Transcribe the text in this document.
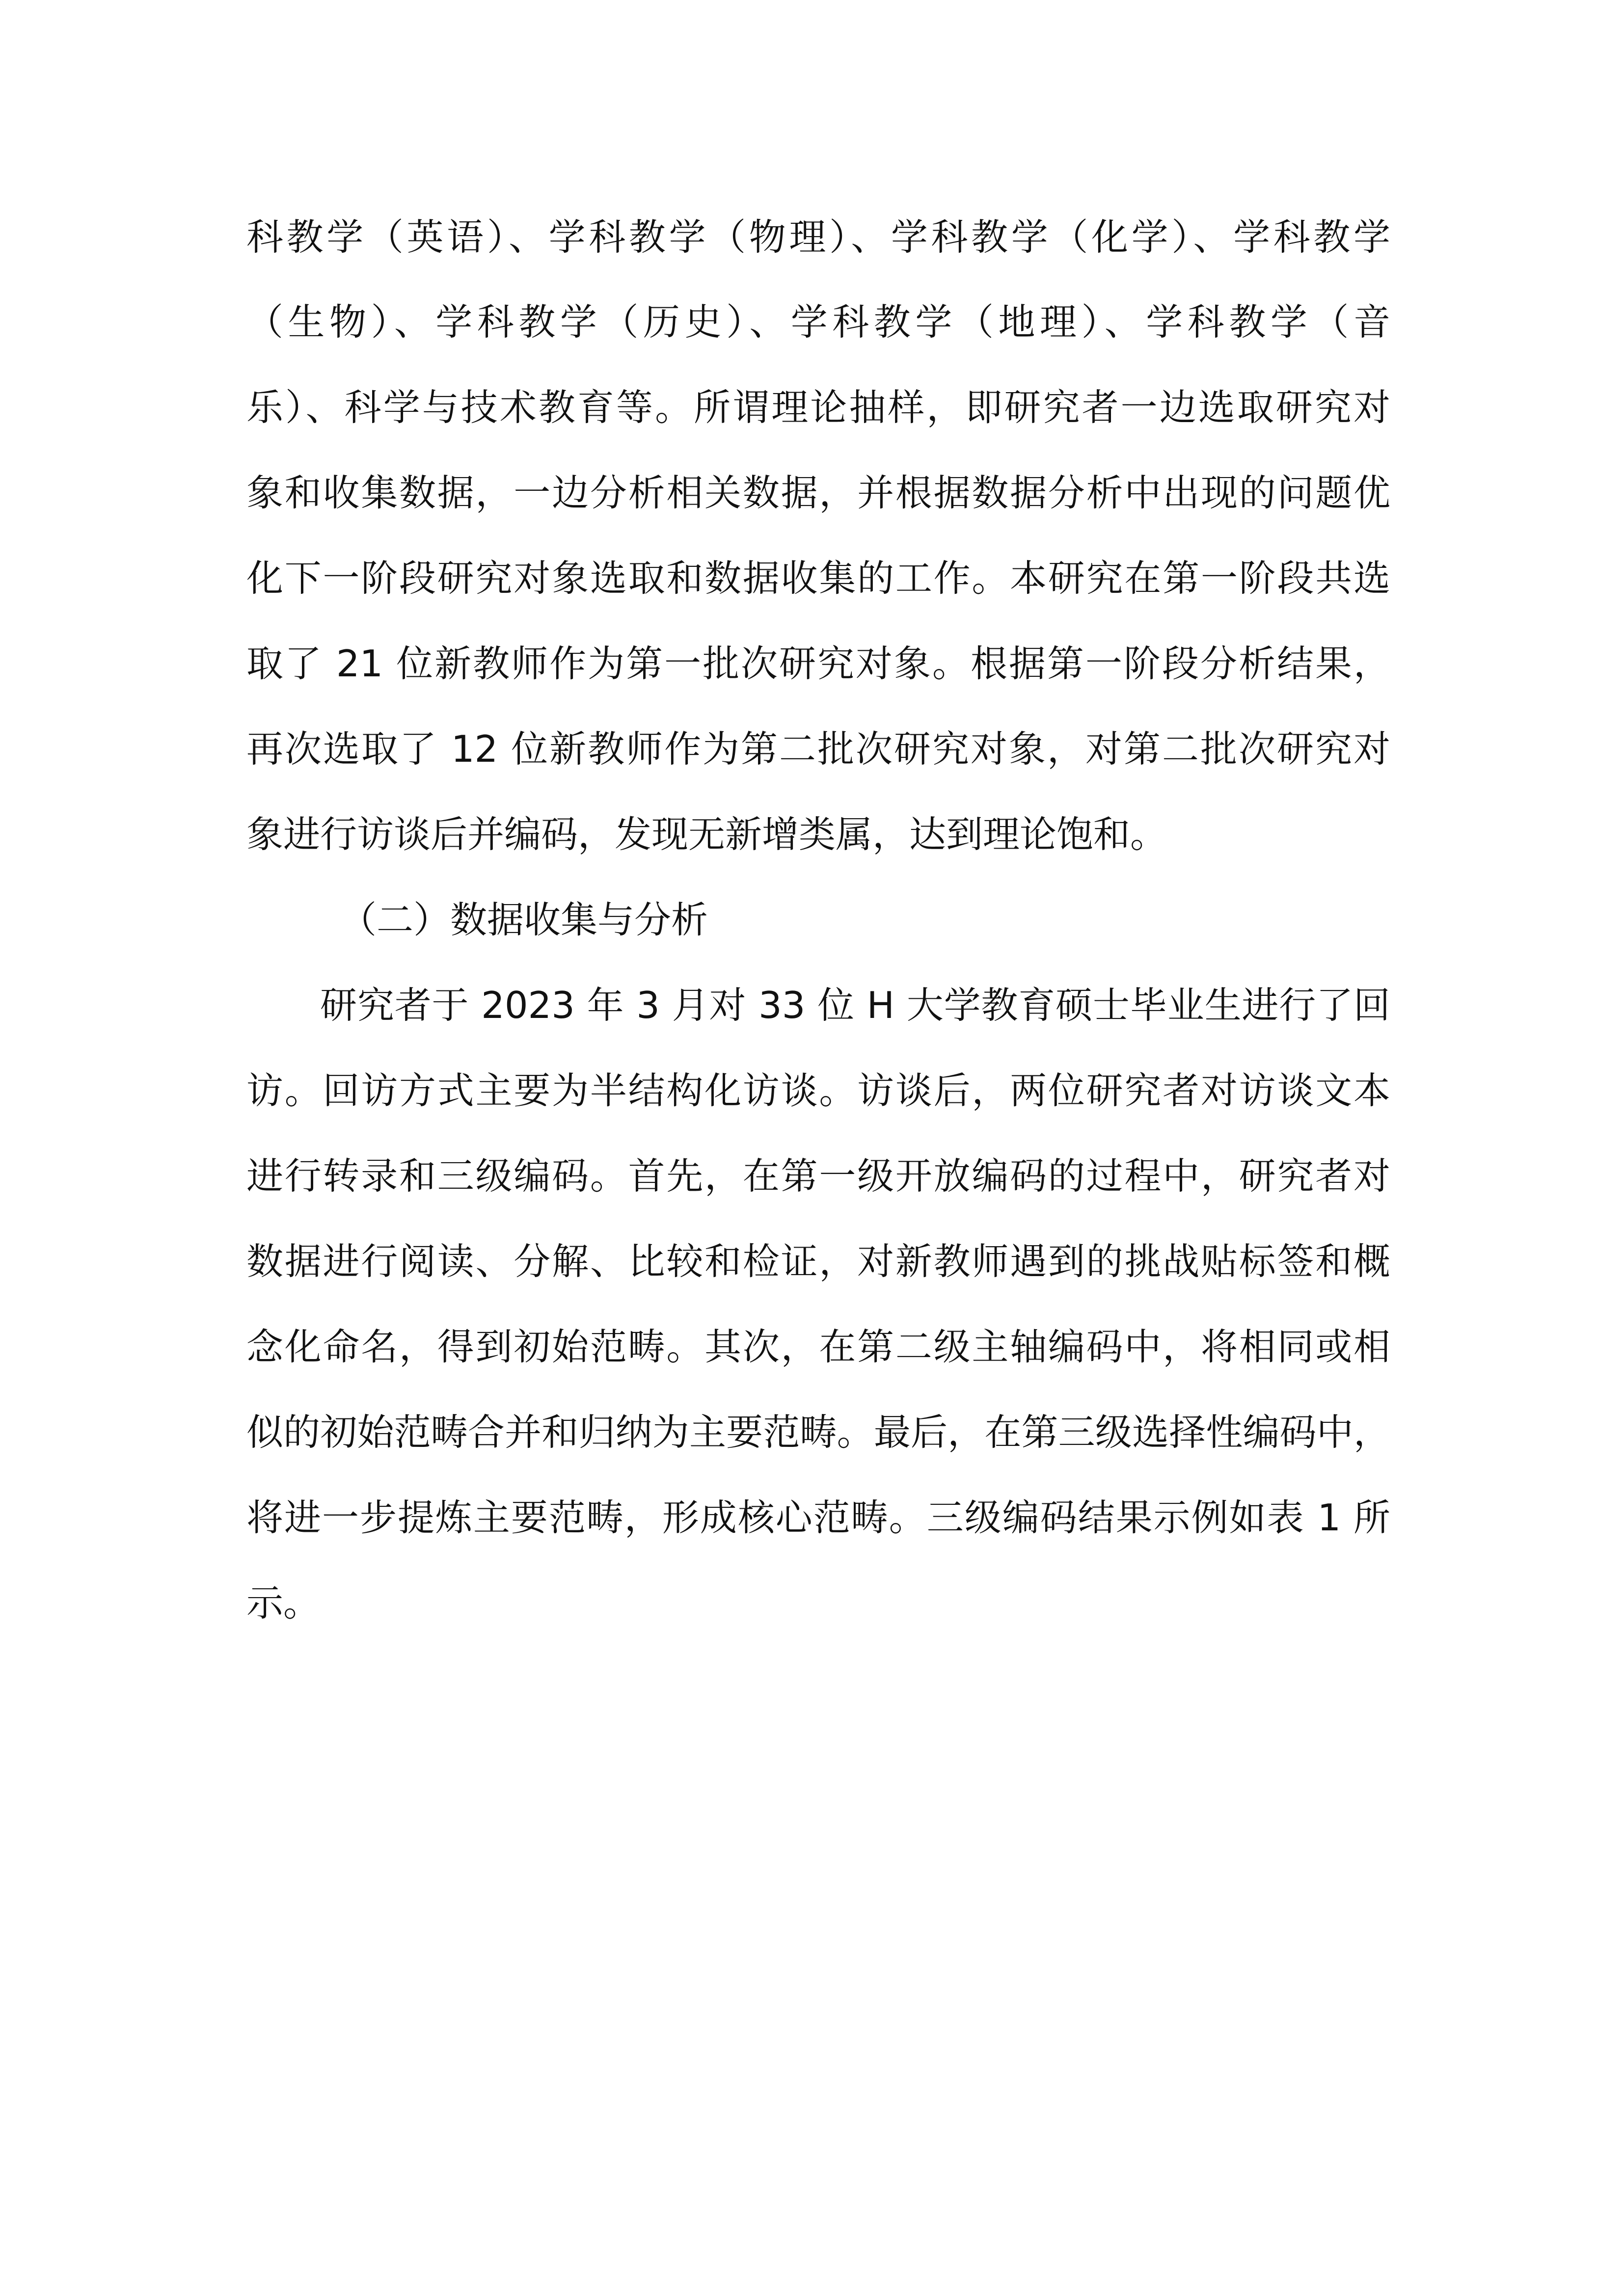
科教学（英语）、学科教学（物理）、学科教学（化学）、学科教学
（生物）、学科教学（历史）、学科教学（地理）、学科教学（音
乐）、科学与技术教育等。所谓理论抽样，即研究者一边选取研究对
象和收集数据，一边分析相关数据，并根据数据分析中出现的问题优
化下一阶段研究对象选取和数据收集的工作。本研究在第一阶段共选
取了 21 位新教师作为第一批次研究对象。根据第一阶段分析结果，
再次选取了 12 位新教师作为第二批次研究对象，对第二批次研究对
象进行访谈后并编码，发现无新增类属，达到理论饱和。
（二）数据收集与分析
研究者于 2023 年 3 月对 33 位 H 大学教育硕士毕业生进行了回
访。回访方式主要为半结构化访谈。访谈后，两位研究者对访谈文本
进行转录和三级编码。首先，在第一级开放编码的过程中，研究者对
数据进行阅读、分解、比较和检证，对新教师遇到的挑战贴标签和概
念化命名，得到初始范畴。其次，在第二级主轴编码中，将相同或相
似的初始范畴合并和归纳为主要范畴。最后，在第三级选择性编码中，
将进一步提炼主要范畴，形成核心范畴。三级编码结果示例如表 1 所
示。
